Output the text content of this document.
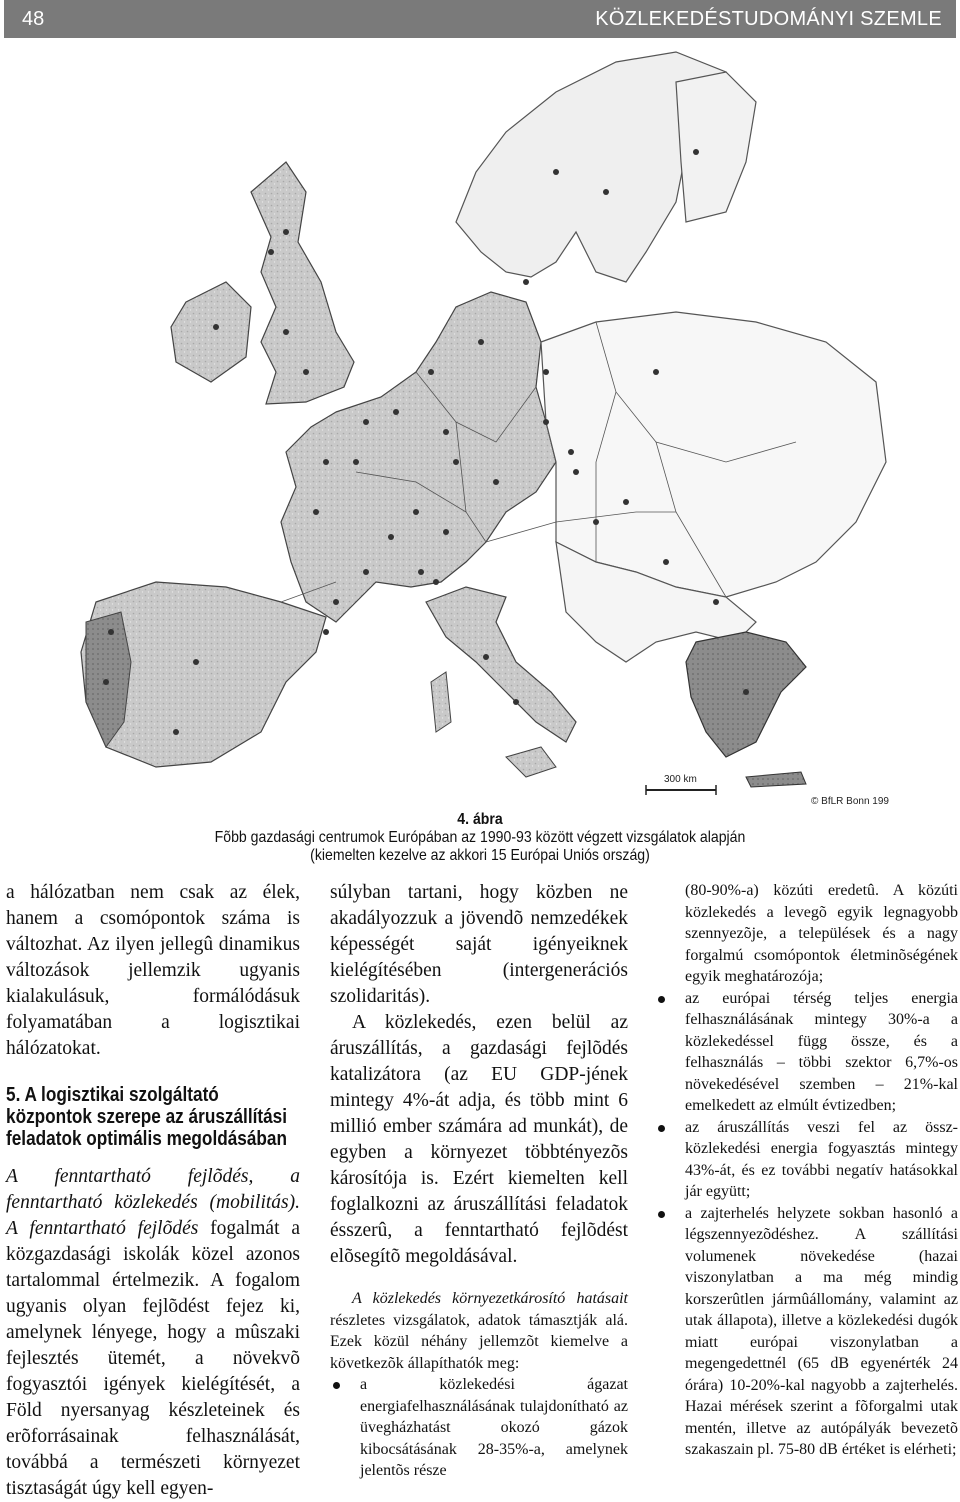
48	KÖZLEKEDÉSTUDOMÁNYI SZEMLE
300 km
© BfLR Bonn 199
4. ábra
Fõbb gazdasági centrumok Európában az 1990-93 között végzett vizsgálatok alapján
(kiemelten kezelve az akkori 15 Európai Uniós ország)

a hálózatban nem csak az élek, hanem a csomópontok száma is változhat. Az ilyen jellegû dinamikus változások jellemzik ugyanis kialakulásuk, formálódásuk folyamatában a logisztikai hálózatokat.

5. A logisztikai szolgáltató központok szerepe az áruszállítási feladatok optimális megoldásában

A fenntartható fejlõdés, a fenntartható közlekedés (mobilitás). A fenntartható fejlõdés fogalmát a közgazdasági iskolák közel azonos tartalommal értelmezik. A fogalom ugyanis olyan fejlõdést fejez ki, amelynek lényege, hogy a mûszaki fejlesztés ütemét, a növekvõ fogyasztói igények kielégítését, a Föld nyersanyag készleteinek és erõforrásainak felhasználását, továbbá a természeti környezet tisztaságát úgy kell egyen-

súlyban tartani, hogy közben ne akadályozzuk a jövendõ nemzedékek képességét saját igényeiknek kielégítésében (intergenerációs szolidaritás).

A közlekedés, ezen belül az áruszállítás, a gazdasági fejlõdés katalizátora (az EU GDP-jének mintegy 4%-át adja, és több mint 6 millió ember számára ad munkát), de egyben a környezet többtényezõs károsítója is. Ezért kiemelten kell foglalkozni az áruszállítási feladatok ésszerû, a fenntartható fejlõdést elõsegítõ megoldásával.

A közlekedés környezetkárosító hatásait részletes vizsgálatok, adatok támasztják alá. Ezek közül néhány jellemzõt kiemelve a következõk állapíthatók meg:

a közlekedési ágazat energiafelhasználásának tulajdonítható az üvegházhatást okozó gázok kibocsátásának 28-35%-a, amelynek jelentõs része

(80-90%-a) közúti eredetû. A közúti közlekedés a levegõ egyik legnagyobb szennyezõje, a települések és a nagy forgalmú csomópontok életminõségének egyik meghatározója;

az európai térség teljes energia felhasználásának mintegy 30%-a a közlekedéssel függ össze, és a felhasználás – többi szektor 6,7%-os növekedésével szemben – 21%-kal emelkedett az elmúlt évtizedben;
az áruszállítás veszi fel az össz- közlekedési energia fogyasztás mintegy 43%-át, és ez további negatív hatásokkal jár együtt;
a zajterhelés helyzete sokban hasonló a légszennyezõdéshez. A szállítási volumenek növekedése (hazai viszonylatban a ma még mindig korszerûtlen jármûállomány, valamint az utak állapota), illetve a közlekedési dugók miatt európai viszonylatban a megengedettnél (65 dB egyenérték 24 órára) 10-20%-kal nagyobb a zajterhelés. Hazai mérések szerint a fõforgalmi utak mentén, illetve az autópályák bevezetõ szakaszain pl. 75-80 dB értéket is elérheti;
